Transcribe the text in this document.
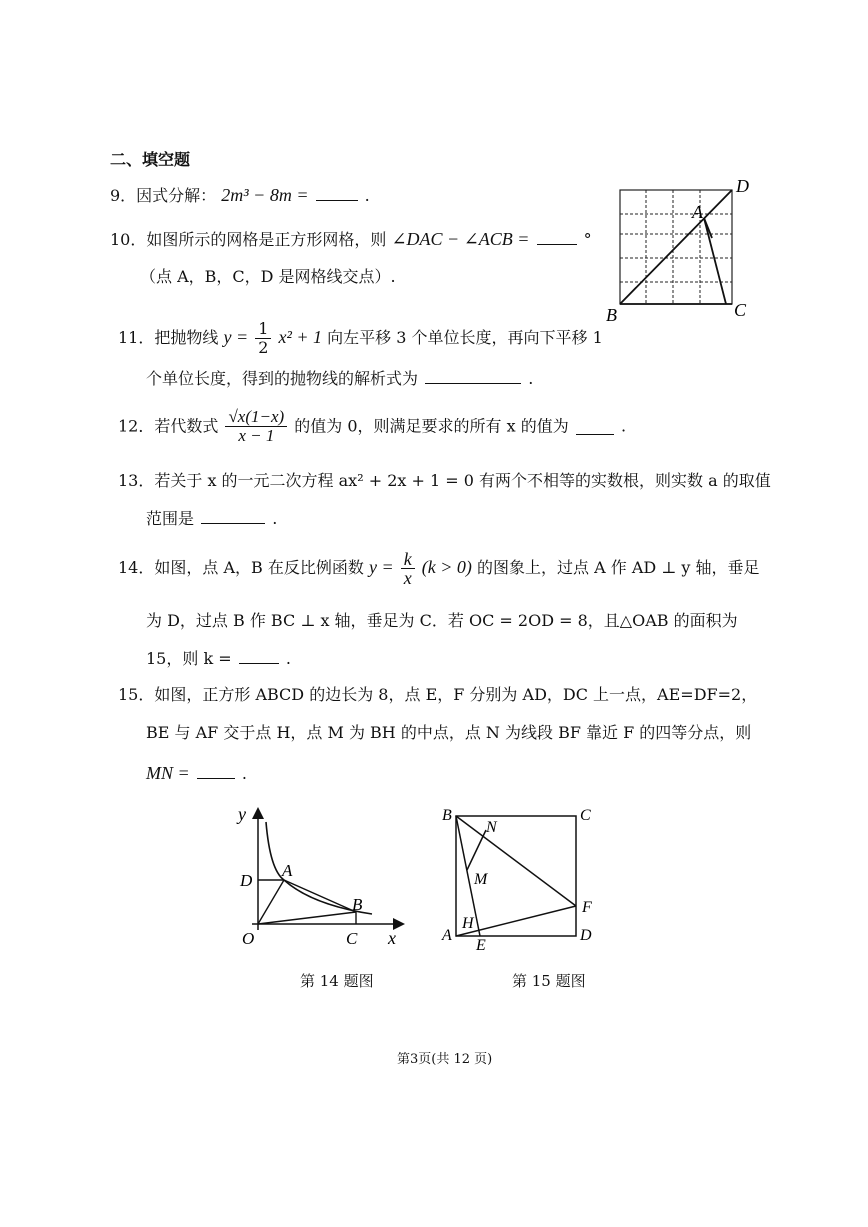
二、填空题
9．因式分解： 2m³ − 8m =	.
10．如图所示的网格是正方形网格，则 ∠DAC − ∠ACB =	°
（点 A，B，C，D 是网格线交点）.
D
A
B	C
11．把抛物线 $y = \frac{1}{2} x^2 + 1$ 向左平移 3 个单位长度，再向下平移 1
个单位长度，得到的抛物线的解析式为	.
12．若代数式 $\frac{√x(1-x)}{x - 1}$ 的值为 0，则满足要求的所有 x 的值为	.
13．若关于 x 的一元二次方程 ax² + 2x + 1 = 0 有两个不相等的实数根，则实数 a 的取值
范围是	.
14．如图，点 A，B 在反比例函数 $y = \frac{k}{x} (k > 0)$ 的图象上，过点 A 作 AD ⊥ y 轴，垂足
为 D，过点 B 作 BC ⊥ x 轴，垂足为 C．若 OC = 2OD = 8，且△OAB 的面积为
15，则 k =	.
15．如图，正方形 ABCD 的边长为 8，点 E，F 分别为 AD，DC 上一点，AE=DF=2，
BE 与 AF 交于点 H，点 M 为 BH 的中点，点 N 为线段 BF 靠近 F 的四等分点，则
MN =	.
y
D
A
B
O	C x
第 14 题图
B	C
N
M
F
H
A
E
D
第 15 题图
第3页(共 12 页)
